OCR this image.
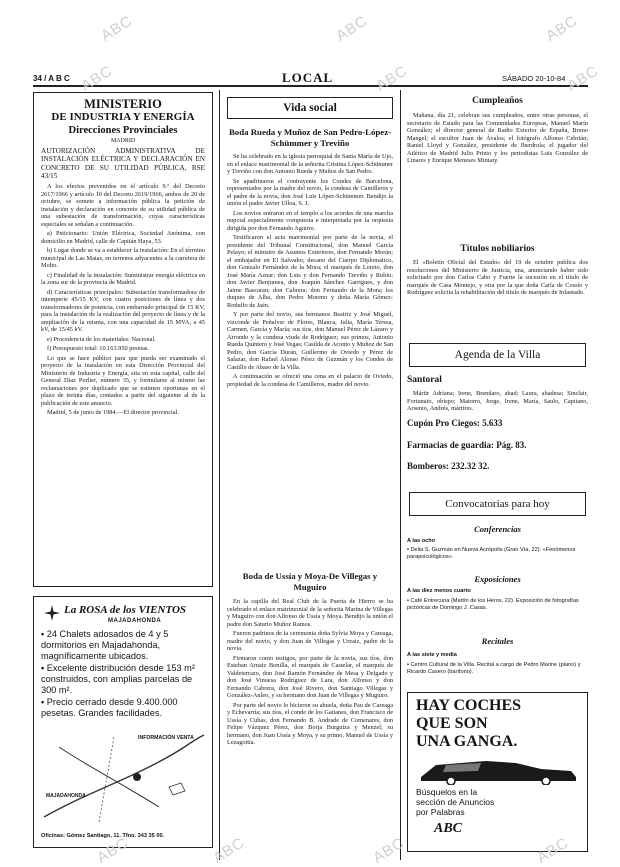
34 / A B C	LOCAL	SÁBADO 20-10-84
MINISTERIO
DE INDUSTRIA Y ENERGÍA
Direcciones Provinciales
MADRID
AUTORIZACIÓN ADMINISTRATIVA DE INSTALACIÓN ELÉCTRICA Y DECLARACIÓN EN CONCRETO DE SU UTILIDAD PÚBLICA, RSE 43/15

A los efectos prevenidos en el artículo 9.º del Decreto 2617/1966 y artículo 10 del Decreto 2619/1966, ambos de 20 de octubre, se somete a información pública la petición de instalación y declaración en concreto de su utilidad pública de una subestación de transformación, cuyas características especiales se señalan a continuación.

a) Peticionario: Unión Eléctrica, Sociedad Anónima, con domicilio en Madrid, calle de Capitán Haya, 53.

b) Lugar donde se va a establecer la instalación: En el término municipal de Las Matas, en terrenos adyacentes a la carretera de Molto.

c) Finalidad de la instalación: Suministrar energía eléctrica en la zona sur de la provincia de Madrid.

d) Características principales: Subestación transformadora de intemperie 45/15 KV, con cuatro posiciones de línea y dos transformadores de potencia, con embarrado principal de 15 KV, para la instalación de la realización del proyecto de línea y de la ampliación de la misma, con una capacidad de 15 MVA, a 45 kV, de 15/45 kV.

e) Procedencia de los materiales: Nacional.

f) Presupuesto total: 10.163.950 pesetas.

Lo que se hace público para que pueda ser examinado el proyecto de la instalación en esta Dirección Provincial del Ministerio de Industria y Energía, sita en esta capital, calle del General Díaz Porlier, número 35, y formularse al mismo las reclamaciones por duplicado que se estimen oportunas en el plazo de treinta días, contados a partir del siguiente al de la publicación de este anuncio.

Madrid, 5 de junio de 1984.—El director provincial.

La ROSA de los VIENTOS
MAJADAHONDA
• 24 Chalets adosados de 4 y 5 dormitorios en Majadahonda, magníficamente ubicados.
• Excelente distribución desde 153 m² construidos, con amplias parcelas de 300 m².
• Precio cerrado desde 9.400.000 pesetas. Grandes facilidades.
INFORMACIÓN VENTA
MAJADAHONDA
Oficinas: Gómez Santiago, 11. Tfno. 343 35 00.
Vida social
Boda Rueda y Muñoz de San Pedro-López-Schümmer y Treviño

Se ha celebrado en la iglesia parroquial de Santa María de Ujo, en el enlace matrimonial de la señorita Cristina López-Schümmer y Treviño con don Antonio Rueda y Muñoz de San Pedro.

Se apadrinaron el contrayente los Condes de Barcelona, representados por la madre del novio, la condesa de Camilleros y el padre de la novia, don José Luis López-Schümmer. Bendijo la unión el padre Javier Ulloa, S. J.

Los novios entraron en el templo a los acordes de una marcha nupcial especialmente compuesta e interpretada por la orquesta dirigida por don Fernando Aguirre.

Testificaron el acta matrimonial por parte de la novia, el presidente del Tribunal Constitucional, don Manuel García Pelayo; el ministro de Asuntos Exteriores, don Fernando Morán; el embajador en El Salvador, decano del Cuerpo Diplomático, don Gonzalo Fernández de la Mora; el marqués de Loreto, don José María Aznar; don Luis y don Fernando Treviño y Rubio; don Javier Benjumea, don Joaquín Sánchez Garrigues, y don Jaime Bascaran; don Cabrera; don Fernando de la Mora; los duques de Alba, don Pedro Moreno y doña María Gómez-Rodulfo de Jaén.

Y por parte del novio, sus hermanos Beatriz y José Miguel, vizconde de Peñalver de Flores, Blanca, Julia, María Teresa, Carmen, García y María; sus tíos, don Manuel Pérez de Lázaro y Arrondo y la condesa viuda de Rodríguez; sus primos, Antonio Rueda Quintero y José Vegas; Casilda de Aconto y Muñoz de San Pedro, don García Durán, Guillermo de Oviedo y Pérez de Salazar, don Rafael Alonso Pérez de Guzmán y los Condes de Castillo de Abaso de la Villa.

A continuación se ofreció una cena en el palacio de Oviedo, propiedad de la condesa de Camilleros, madre del novio.

Boda de Ussía y Moya-De Villegas y Muguiro

En la capilla del Real Club de la Puerta de Hierro se ha celebrado el enlace matrimonial de la señorita Marina de Villegas y Muguiro con don Alfonso de Ussía y Moya. Bendijo la unión el padre don Saturio Muñoz Ramos.

Fueron padrinos de la ceremonia doña Sylvia Moya y Careaga, madre del novio, y don Juan de Villegas y Urzaiz, padre de la novia.

Firmaron como testigos, por parte de la novia, sus tíos, don Esteban Arnaiz Bonilla, el marqués de Castelar, el marqués de Valdeterrazo, don José Ramón Fernández de Mesa y Delgado y don José Vinuesa Rodríguez de Lara, don Alfonso y don Fernando Cabrera, don José Rivero, don Santiago Villegas y González-Anleo, y su hermano don Juan de Villegas y Muguiro.

Por parte del novio lo hicieron su abuela, doña Pau de Careaga y Echevarría; sus tíos, el conde de los Gaitanes, don Francisco de Ussía y Cubas, don Fernando B. Andrade de Comenares, don Felipe Vázquez Pérez, don Borja Burguiza y Menzel; su hermano, don Juan Ussía y Moya, y su primo, Manuel de Ussía y Lezagoitia.

Cumpleaños
Mañana, día 21, celebran sus cumpleaños, entre otras personas, el secretario de Estado para las Comunidades Europeas, Manuel Marín González; el director general de Radio Exterior de España, Bruno Mangel; el escultor Juan de Ávalos; el fotógrafo Alfonso Cebrián; Raniel Lloyd y González, presidente de Iberdrola; el jugador del Atlético de Madrid Julio Prieto y los periodistas Luis González de Linares y Enrique Meneses Miniaty.
Títulos nobiliarios
El «Boletín Oficial del Estado» del 19 de octubre publica dos resoluciones del Ministerio de Justicia, una, anunciando haber sido solicitado por don Carlos Cabo y Fuerte la sucesión en el título de marqués de Casa Montejo, y otra por la que doña Carla de Cossío y Rodríguez solicita la rehabilitación del título de marqués de Infantado.
Agenda de la Villa
Santoral
Mártir Adriana; Irene, Brendaro, abad; Laura, abadesa; Sinclair, Fortunato, obispo; Matorro, Jorge, Irene, María, Saulo, Capitano, Arsenio, Andrés, mártires.
Cupón Pro Ciegos: 5.633
Farmacias de guardia: Pág. 83.
Bomberos: 232.32 32.
Convocatorias para hoy
Conferencias
A las ocho
• Delia S. Guzmán en Nueva Acrópolis (Gran Vía, 22): «Fenómenos parapsicológicos».
Exposiciones
A las diez menos cuarto
• Café Entrecuna (Martín de los Heros, 22). Exposición de fotografías pictóricas de Domingo J. Casas.
Recitales
A las siete y media
• Centro Cultural de la Villa. Recital a cargo de Pedro Marine (piano) y Ricardo Casero (barítono).
HAY COCHES
QUE SON
UNA GANGA.
Búsquelos en la
sección de Anuncios
por Palabras
ABC
ABC	ABC	ABC
ABC	ABC	ABC
ABC	ABC	ABC	ABC
